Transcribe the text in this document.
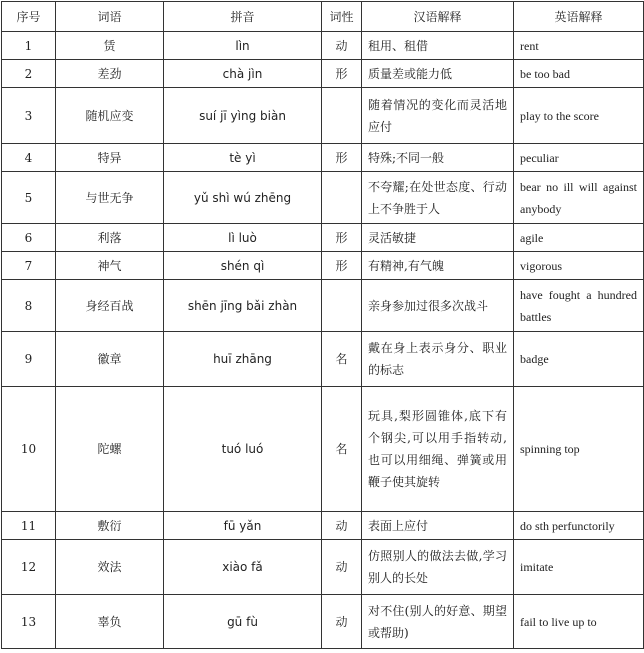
序号	词语	拼音	词性	汉语解释	英语解释
1	赁	lìn	动	租用、租借	rent
2	差劲	chà jìn	形	质量差或能力低	be too bad
3	随机应变	suí jī yìng biàn		随着情况的变化而灵活地应付	play to the score
4	特异	tè yì	形	特殊;不同一般	peculiar
5	与世无争	yǔ shì wú zhēng		不夸耀;在处世态度、行动上不争胜于人	bear no ill will against anybody
6	利落	lì luò	形	灵活敏捷	agile
7	神气	shén qì	形	有精神,有气魄	vigorous
8	身经百战	shēn jīng bǎi zhàn		亲身参加过很多次战斗	have fought a hundred battles
9	徽章	huī zhāng	名	戴在身上表示身分、职业的标志	badge
10	陀螺	tuó luó	名	玩具,梨形圆锥体,底下有个钢尖,可以用手指转动,也可以用细绳、弹簧或用鞭子使其旋转	spinning top
11	敷衍	fū yǎn	动	表面上应付	do sth perfunctorily
12	效法	xiào fǎ	动	仿照别人的做法去做,学习别人的长处	imitate
13	辜负	gū fù	动	对不住(别人的好意、期望或帮助)	fail to live up to
